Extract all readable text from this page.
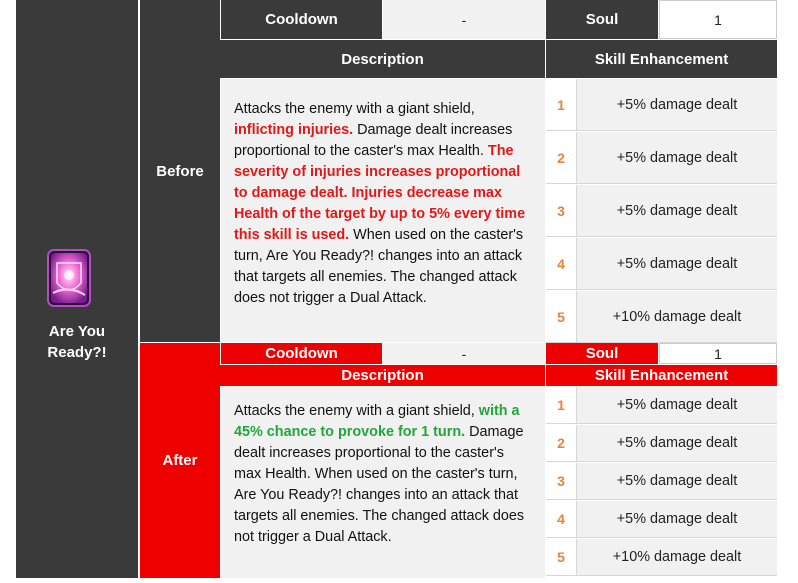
Are You Ready?!
Before
Cooldown	-	Soul	1
Description	Skill Enhancement
Attacks the enemy with a giant shield, inflicting injuries. Damage dealt increases proportional to the caster's max Health. The severity of injuries increases proportional to damage dealt. Injuries decrease max Health of the target by up to 5% every time this skill is used. When used on the caster's turn, Are You Ready?! changes into an attack that targets all enemies. The changed attack does not trigger a Dual Attack.
1	+5% damage dealt
2	+5% damage dealt
3	+5% damage dealt
4	+5% damage dealt
5	+10% damage dealt
After
Cooldown	-	Soul	1
Description	Skill Enhancement
Attacks the enemy with a giant shield, with a 45% chance to provoke for 1 turn. Damage dealt increases proportional to the caster's max Health. When used on the caster's turn, Are You Ready?! changes into an attack that targets all enemies. The changed attack does not trigger a Dual Attack.
1	+5% damage dealt
2	+5% damage dealt
3	+5% damage dealt
4	+5% damage dealt
5	+10% damage dealt
